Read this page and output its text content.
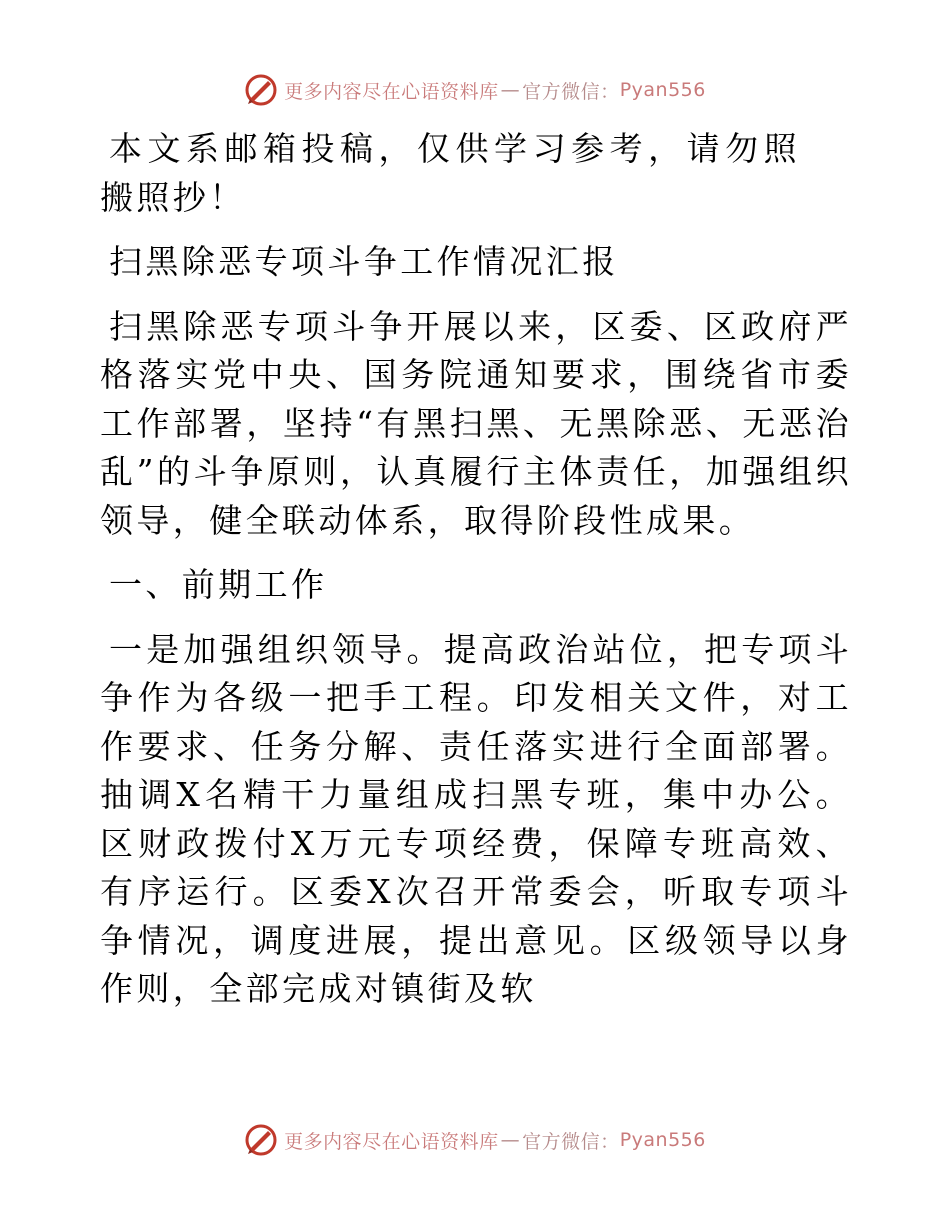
更多内容尽在心语资料库 — 官方微信： Pyan556

本文系邮箱投稿，仅供学习参考，请勿照搬照抄！

扫黑除恶专项斗争工作情况汇报

扫黑除恶专项斗争开展以来，区委、区政府严格落实党中央、国务院通知要求，围绕省市委工作部署，坚持“有黑扫黑、无黑除恶、无恶治乱”的斗争原则，认真履行主体责任，加强组织领导，健全联动体系，取得阶段性成果。

一、前期工作

一是加强组织领导。提高政治站位，把专项斗争作为各级一把手工程。印发相关文件，对工作要求、任务分解、责任落实进行全面部署。抽调X名精干力量组成扫黑专班，集中办公。区财政拨付X万元专项经费，保障专班高效、有序运行。区委X次召开常委会，听取专项斗争情况，调度进展，提出意见。区级领导以身作则，全部完成对镇街及软

更多内容尽在心语资料库 — 官方微信： Pyan556
